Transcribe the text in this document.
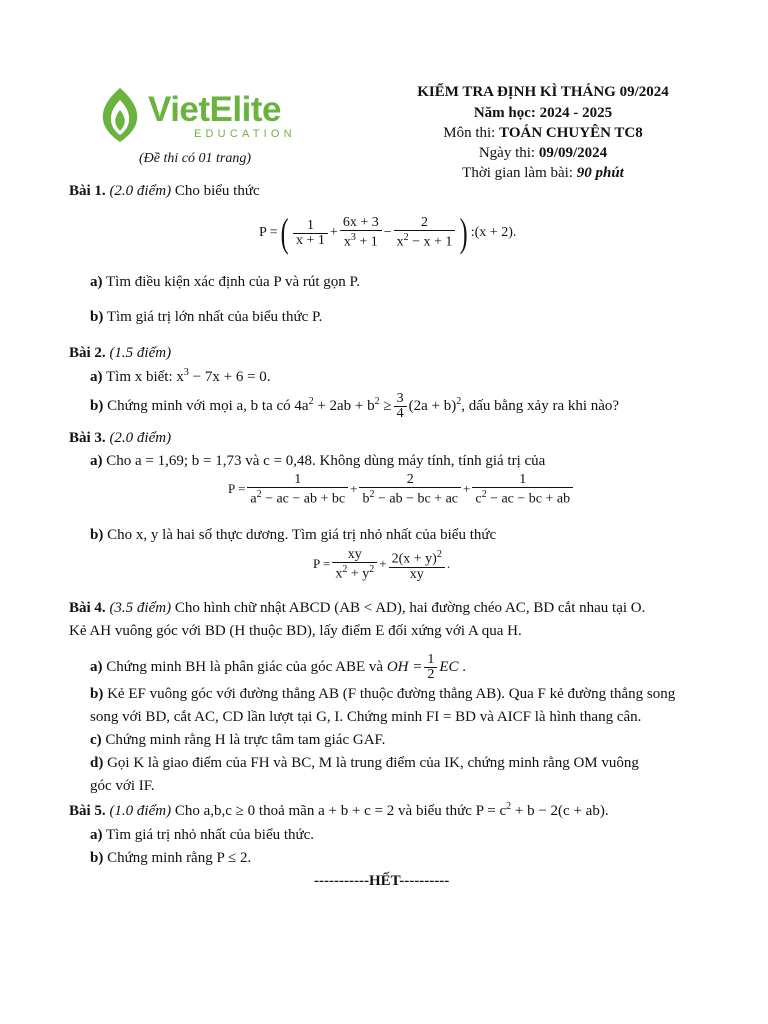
VietElite
EDUCATION
(Đề thi có 01 trang)
KIỂM TRA ĐỊNH KÌ THÁNG 09/2024
Năm học: 2024 - 2025
Môn thi: TOÁN CHUYÊN TC8
Ngày thi: 09/09/2024
Thời gian làm bài: 90 phút
Bài 1. (2.0 điểm) Cho biểu thức
P =( $\frac{1}{x + 1} + \frac{6x + 3}{x^3 + 1} - \frac{2}{x^2 - x + 1}$ ) :(x + 2).
a) Tìm điều kiện xác định của P và rút gọn P.
b) Tìm giá trị lớn nhất của biểu thức P.
Bài 2. (1.5 điểm)
a) Tìm x biết: $x^3 - 7x + 6 = 0$.
b) Chứng minh với mọi a, b ta có $4a^2 + 2ab + b^2 \ge \frac{3}{4} (2a + b)^2$, dấu bằng xảy ra khi nào?
Bài 3. (2.0 điểm)
a) Cho a = 1,69; b = 1,73 và c = 0,48. Không dùng máy tính, tính giá trị của
$P = \frac{1}{a^2 - ac - ab + bc} + \frac{2}{b^2 - ab - bc + ac} + \frac{1}{c^2 - ac - bc + ab}$
b) Cho x, y là hai số thực dương. Tìm giá trị nhỏ nhất của biểu thức
$P = \frac{xy}{x^2 + y^2} + \frac{2(x + y)^2}{xy}$ .
Bài 4. (3.5 điểm) Cho hình chữ nhật ABCD (AB < AD), hai đường chéo AC, BD cắt nhau tại O.
Kẻ AH vuông góc với BD (H thuộc BD), lấy điểm E đối xứng với A qua H.
a) Chứng minh BH là phân giác của góc ABE và OH = $\frac{1}{2}$ EC .
b) Kẻ EF vuông góc với đường thẳng AB (F thuộc đường thẳng AB). Qua F kẻ đường thẳng song
song với BD, cắt AC, CD lần lượt tại G, I. Chứng minh FI = BD và AICF là hình thang cân.
c) Chứng minh rằng H là trực tâm tam giác GAF.
d) Gọi K là giao điểm của FH và BC, M là trung điểm của IK, chứng minh rằng OM vuông
góc với IF.
Bài 5. (1.0 điểm) Cho a,b,c ≥ 0 thoả mãn a + b + c = 2 và biểu thức $P = c^2 + b - 2(c + ab)$.
a) Tìm giá trị nhỏ nhất của biểu thức.
b) Chứng minh rằng P ≤ 2.
-----------HẾT----------
